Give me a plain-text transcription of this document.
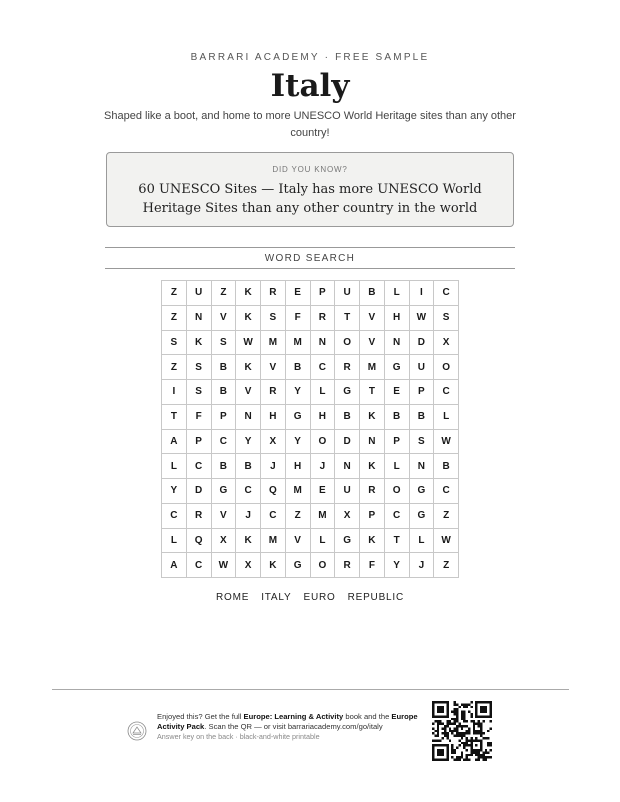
BARRARI ACADEMY · FREE SAMPLE
Italy

Shaped like a boot, and home to more UNESCO World Heritage sites than any other country!

DID YOU KNOW?
60 UNESCO Sites — Italy has more UNESCO World Heritage Sites than any other country in the world
WORD SEARCH
Z	U	Z	K	R	E	P	U	B	L	I	C
Z	N	V	K	S	F	R	T	V	H	W	S
S	K	S	W	M	M	N	O	V	N	D	X
Z	S	B	K	V	B	C	R	M	G	U	O
I	S	B	V	R	Y	L	G	T	E	P	C
T	F	P	N	H	G	H	B	K	B	B	L
A	P	C	Y	X	Y	O	D	N	P	S	W
L	C	B	B	J	H	J	N	K	L	N	B
Y	D	G	C	Q	M	E	U	R	O	G	C
C	R	V	J	C	Z	M	X	P	C	G	Z
L	Q	X	K	M	V	L	G	K	T	L	W
A	C	W	X	K	G	O	R	F	Y	J	Z
ROME ITALY EURO REPUBLIC
Enjoyed this? Get the full Europe: Learning & Activity book and the Europe Activity Pack. Scan the QR — or visit barrariacademy.com/go/italy
Answer key on the back · black-and-white printable
